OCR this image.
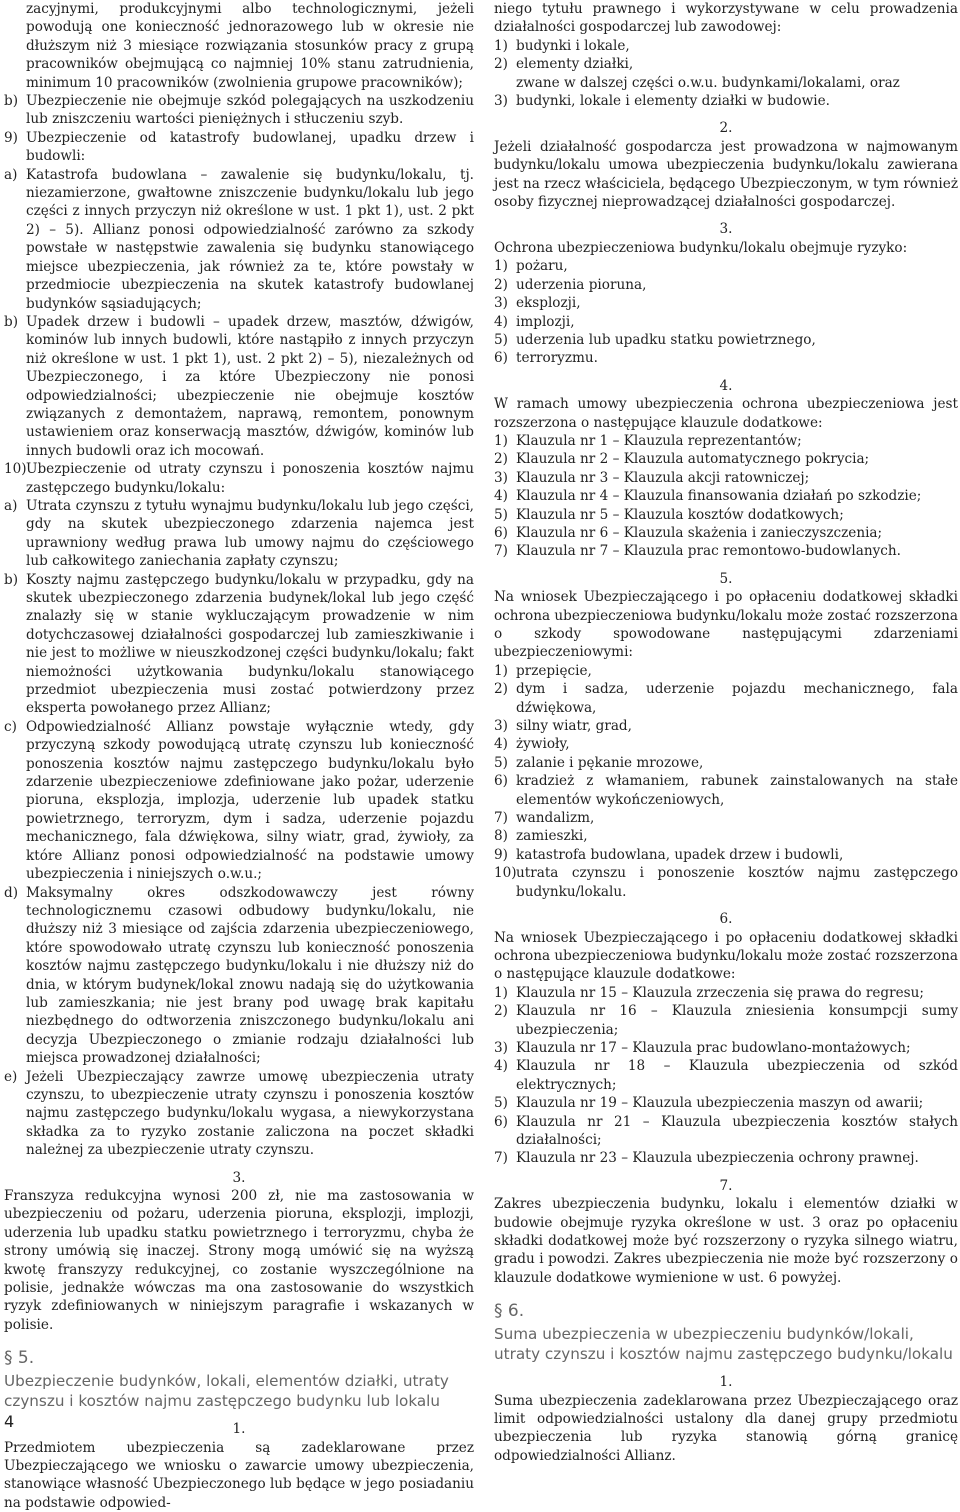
zacyjnymi, produkcyjnymi albo technologicznymi, jeżeli powodują one konieczność jednorazowego lub w okresie nie dłuższym niż 3 miesiące rozwiązania stosunków pracy z grupą pracowników obejmującą co najmniej 10% stanu zatrudnienia, minimum 10 pracowników (zwolnienia grupowe pracowników);

b) Ubezpieczenie nie obejmuje szkód polegających na uszkodzeniu lub zniszczeniu wartości pieniężnych i stłuczeniu szyb.
9) Ubezpieczenie od katastrofy budowlanej, upadku drzew i budowli:
a) Katastrofa budowlana – zawalenie się budynku/lokalu, tj. niezamierzone, gwałtowne zniszczenie budynku/lokalu lub jego części z innych przyczyn niż określone w ust. 1 pkt 1), ust. 2 pkt 2) – 5). Allianz ponosi odpowiedzialność zarówno za szkody powstałe w następstwie zawalenia się budynku stanowiącego miejsce ubezpieczenia, jak również za te, które powstały w przedmiocie ubezpieczenia na skutek katastrofy budowlanej budynków sąsiadujących;
b) Upadek drzew i budowli – upadek drzew, masztów, dźwigów, kominów lub innych budowli, które nastąpiło z innych przyczyn niż określone w ust. 1 pkt 1), ust. 2 pkt 2) – 5), niezależnych od Ubezpieczonego, i za które Ubezpieczony nie ponosi odpowiedzialności; ubezpieczenie nie obejmuje kosztów związanych z demontażem, naprawą, remontem, ponownym ustawieniem oraz konserwacją masztów, dźwigów, kominów lub innych budowli oraz ich mocowań.
10) Ubezpieczenie od utraty czynszu i ponoszenia kosztów najmu zastępczego budynku/lokalu:
a) Utrata czynszu z tytułu wynajmu budynku/lokalu lub jego części, gdy na skutek ubezpieczonego zdarzenia najemca jest uprawniony według prawa lub umowy najmu do częściowego lub całkowitego zaniechania zapłaty czynszu;
b) Koszty najmu zastępczego budynku/lokalu w przypadku, gdy na skutek ubezpieczonego zdarzenia budynek/lokal lub jego część znalazły się w stanie wykluczającym prowadzenie w nim dotychczasowej działalności gospodarczej lub zamieszkiwanie i nie jest to możliwe w nieuszkodzonej części budynku/lokalu; fakt niemożności użytkowania budynku/lokalu stanowiącego przedmiot ubezpieczenia musi zostać potwierdzony przez eksperta powołanego przez Allianz;
c) Odpowiedzialność Allianz powstaje wyłącznie wtedy, gdy przyczyną szkody powodującą utratę czynszu lub konieczność ponoszenia kosztów najmu zastępczego budynku/lokalu było zdarzenie ubezpieczeniowe zdefiniowane jako pożar, uderzenie pioruna, eksplozja, implozja, uderzenie lub upadek statku powietrznego, terroryzm, dym i sadza, uderzenie pojazdu mechanicznego, fala dźwiękowa, silny wiatr, grad, żywioły, za które Allianz ponosi odpowiedzialność na podstawie umowy ubezpieczenia i niniejszych o.w.u.;
d) Maksymalny okres odszkodowawczy jest równy technologicznemu czasowi odbudowy budynku/lokalu, nie dłuższy niż 3 miesiące od zajścia zdarzenia ubezpieczeniowego, które spowodowało utratę czynszu lub konieczność ponoszenia kosztów najmu zastępczego budynku/lokalu i nie dłuższy niż do dnia, w którym budynek/lokal znowu nadają się do użytkowania lub zamieszkania; nie jest brany pod uwagę brak kapitału niezbędnego do odtworzenia zniszczonego budynku/lokalu ani decyzja Ubezpieczonego o zmianie rodzaju działalności lub miejsca prowadzonej działalności;
e) Jeżeli Ubezpieczający zawrze umowę ubezpieczenia utraty czynszu, to ubezpieczenie utraty czynszu i ponoszenia kosztów najmu zastępczego budynku/lokalu wygasa, a niewykorzystana składka za to ryzyko zostanie zaliczona na poczet składki należnej za ubezpieczenie utraty czynszu.

3.

Franszyza redukcyjna wynosi 200 zł, nie ma zastosowania w ubezpieczeniu od pożaru, uderzenia pioruna, eksplozji, implozji, uderzenia lub upadku statku powietrznego i terroryzmu, chyba że strony umówią się inaczej. Strony mogą umówić się na wyższą kwotę franszyzy redukcyjnej, co zostanie wyszczególnione na polisie, jednakże wówczas ma ona zastosowanie do wszystkich ryzyk zdefiniowanych w niniejszym paragrafie i wskazanych w polisie.

§ 5.
Ubezpieczenie budynków, lokali, elementów działki, utraty czynszu i kosztów najmu zastępczego budynku lub lokalu

1.

Przedmiotem ubezpieczenia są zadeklarowane przez Ubezpieczającego we wniosku o zawarcie umowy ubezpieczenia, stanowiące własność Ubezpieczonego lub będące w jego posiadaniu na podstawie odpowied-

niego tytułu prawnego i wykorzystywane w celu prowadzenia działalności gospodarczej lub zawodowej:

1) budynki i lokale,
2) elementy działki,

zwane w dalszej części o.w.u. budynkami/lokalami, oraz

3) budynki, lokale i elementy działki w budowie.

2.

Jeżeli działalność gospodarcza jest prowadzona w najmowanym budynku/lokalu umowa ubezpieczenia budynku/lokalu zawierana jest na rzecz właściciela, będącego Ubezpieczonym, w tym również osoby fizycznej nieprowadzącej działalności gospodarczej.

3.

Ochrona ubezpieczeniowa budynku/lokalu obejmuje ryzyko:

1) pożaru,
2) uderzenia pioruna,
3) eksplozji,
4) implozji,
5) uderzenia lub upadku statku powietrznego,
6) terroryzmu.

4.

W ramach umowy ubezpieczenia ochrona ubezpieczeniowa jest rozszerzona o następujące klauzule dodatkowe:

1) Klauzula nr 1 – Klauzula reprezentantów;
2) Klauzula nr 2 – Klauzula automatycznego pokrycia;
3) Klauzula nr 3 – Klauzula akcji ratowniczej;
4) Klauzula nr 4 – Klauzula finansowania działań po szkodzie;
5) Klauzula nr 5 – Klauzula kosztów dodatkowych;
6) Klauzula nr 6 – Klauzula skażenia i zanieczyszczenia;
7) Klauzula nr 7 – Klauzula prac remontowo-budowlanych.

5.

Na wniosek Ubezpieczającego i po opłaceniu dodatkowej składki ochrona ubezpieczeniowa budynku/lokalu może zostać rozszerzona o szkody spowodowane następującymi zdarzeniami ubezpieczeniowymi:

1) przepięcie,
2) dym i sadza, uderzenie pojazdu mechanicznego, fala dźwiękowa,
3) silny wiatr, grad,
4) żywioły,
5) zalanie i pękanie mrozowe,
6) kradzież z włamaniem, rabunek zainstalowanych na stałe elementów wykończeniowych,
7) wandalizm,
8) zamieszki,
9) katastrofa budowlana, upadek drzew i budowli,
10) utrata czynszu i ponoszenie kosztów najmu zastępczego budynku/lokalu.

6.

Na wniosek Ubezpieczającego i po opłaceniu dodatkowej składki ochrona ubezpieczeniowa budynku/lokalu może zostać rozszerzona o następujące klauzule dodatkowe:

1) Klauzula nr 15 – Klauzula zrzeczenia się prawa do regresu;
2) Klauzula nr 16 – Klauzula zniesienia konsumpcji sumy ubezpieczenia;
3) Klauzula nr 17 – Klauzula prac budowlano-montażowych;
4) Klauzula nr 18 – Klauzula ubezpieczenia od szkód elektrycznych;
5) Klauzula nr 19 – Klauzula ubezpieczenia maszyn od awarii;
6) Klauzula nr 21 – Klauzula ubezpieczenia kosztów stałych działalności;
7) Klauzula nr 23 – Klauzula ubezpieczenia ochrony prawnej.

7.

Zakres ubezpieczenia budynku, lokalu i elementów działki w budowie obejmuje ryzyka określone w ust. 3 oraz po opłaceniu składki dodatkowej może być rozszerzony o ryzyka silnego wiatru, gradu i powodzi. Zakres ubezpieczenia nie może być rozszerzony o klauzule dodatkowe wymienione w ust. 6 powyżej.

§ 6.
Suma ubezpieczenia w ubezpieczeniu budynków/lokali, utraty czynszu i kosztów najmu zastępczego budynku/lokalu

1.

Suma ubezpieczenia zadeklarowana przez Ubezpieczającego oraz limit odpowiedzialności ustalony dla danej grupy przedmiotu ubezpieczenia lub ryzyka stanowią górną granicę odpowiedzialności Allianz.

4
